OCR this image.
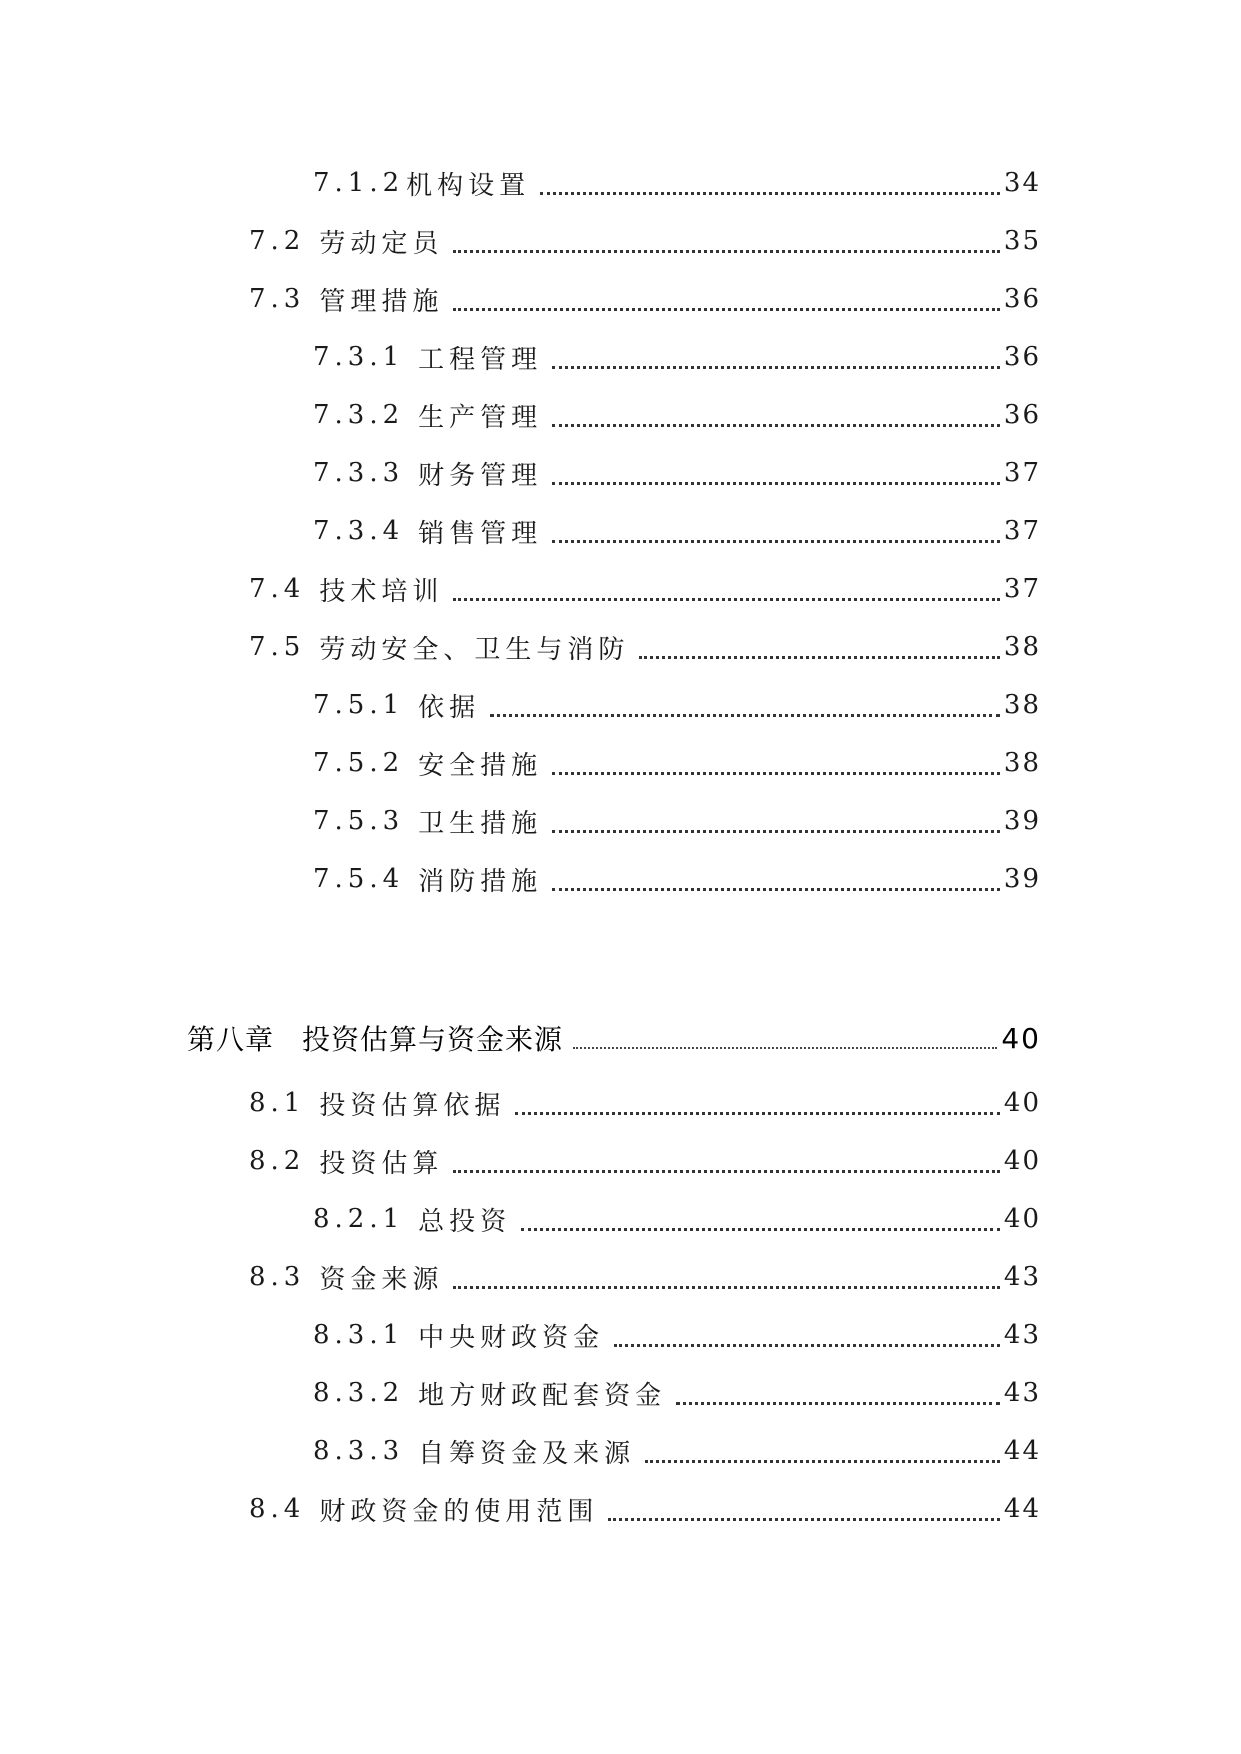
7.1.2 机构设置	34
7.2 劳动定员	35
7.3 管理措施	36
7.3.1 工程管理	36
7.3.2 生产管理	36
7.3.3 财务管理	37
7.3.4 销售管理	37
7.4 技术培训	37
7.5 劳动安全、卫生与消防	38
7.5.1 依据	38
7.5.2 安全措施	38
7.5.3 卫生措施	39
7.5.4 消防措施	39
第八章	投资估算与资金来源	40
8.1 投资估算依据	40
8.2 投资估算	40
8.2.1 总投资	40
8.3 资金来源	43
8.3.1 中央财政资金	43
8.3.2 地方财政配套资金	43
8.3.3 自筹资金及来源	44
8.4 财政资金的使用范围	44
